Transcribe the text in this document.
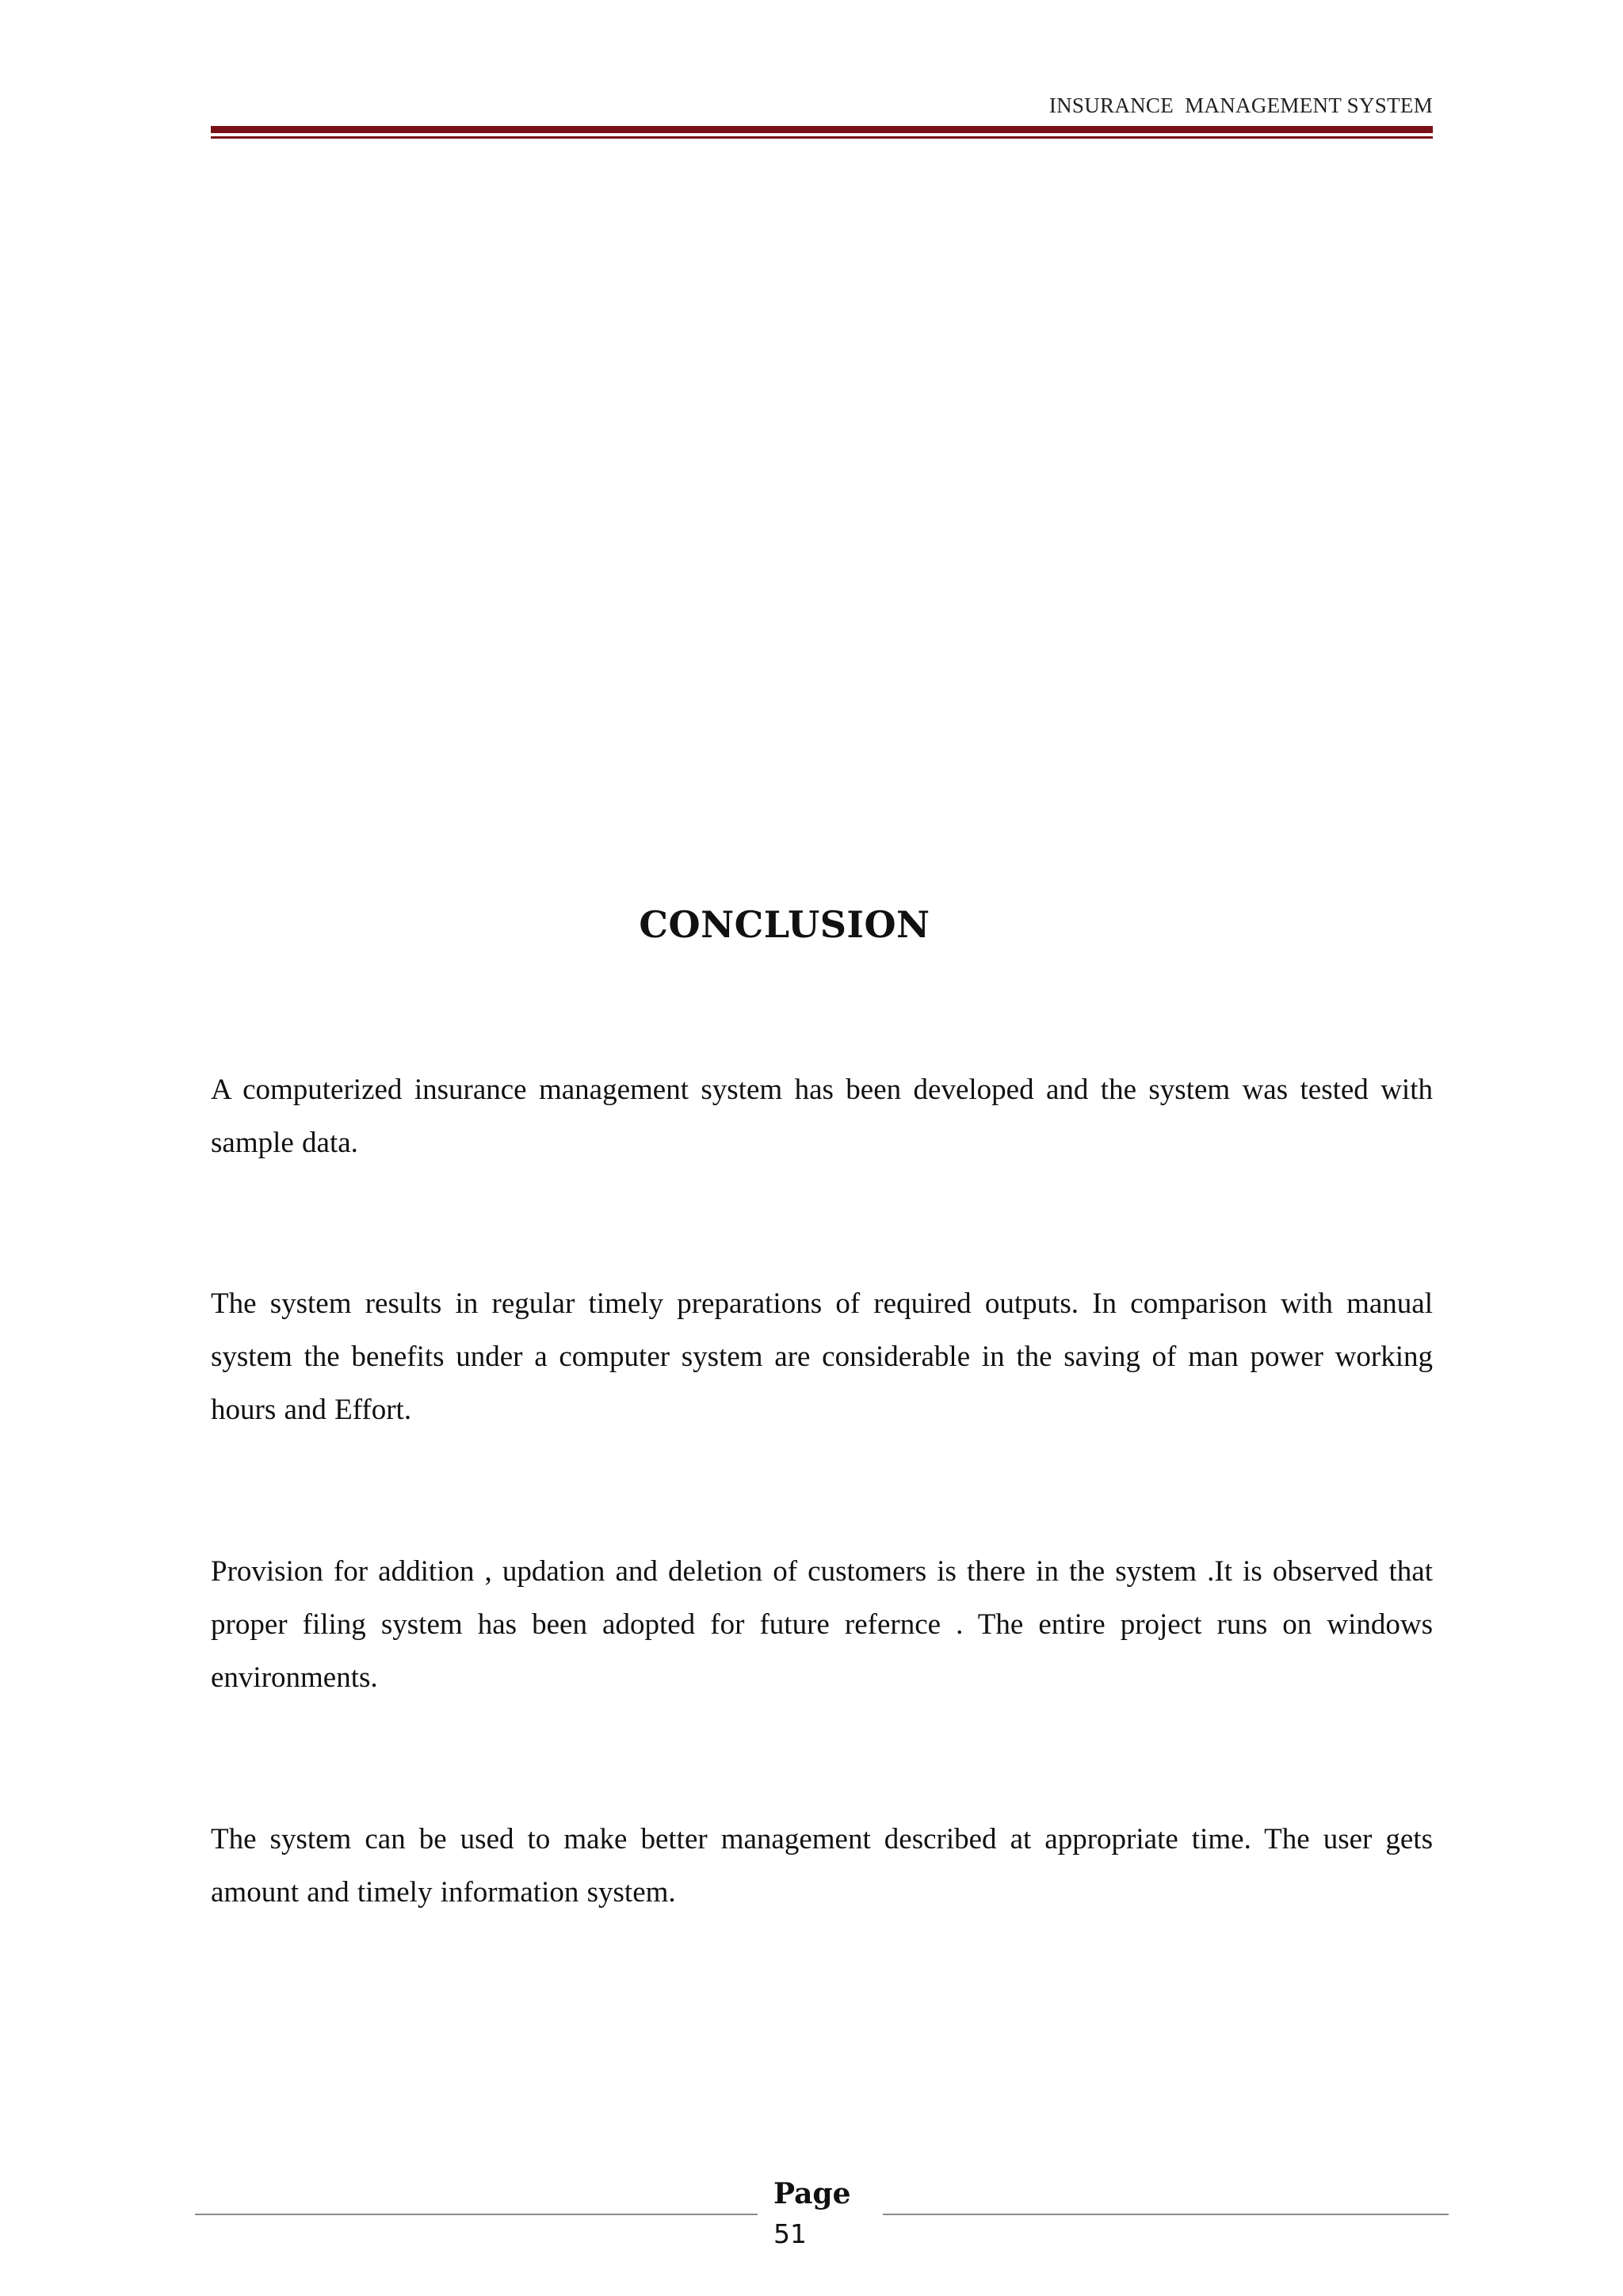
INSURANCE  MANAGEMENT SYSTEM
CONCLUSION

A computerized insurance management system has been developed and the system was tested with sample data.

The system results in regular timely preparations of required outputs. In comparison with manual system the benefits under a computer system are considerable in the saving of man power working hours and Effort.

Provision for addition , updation and deletion of customers is there in the system .It is observed that proper filing system has been adopted for future refernce . The entire project runs on windows environments.

The system can be used to make better management described at appropriate time. The user gets amount and timely information system.

Page
51
